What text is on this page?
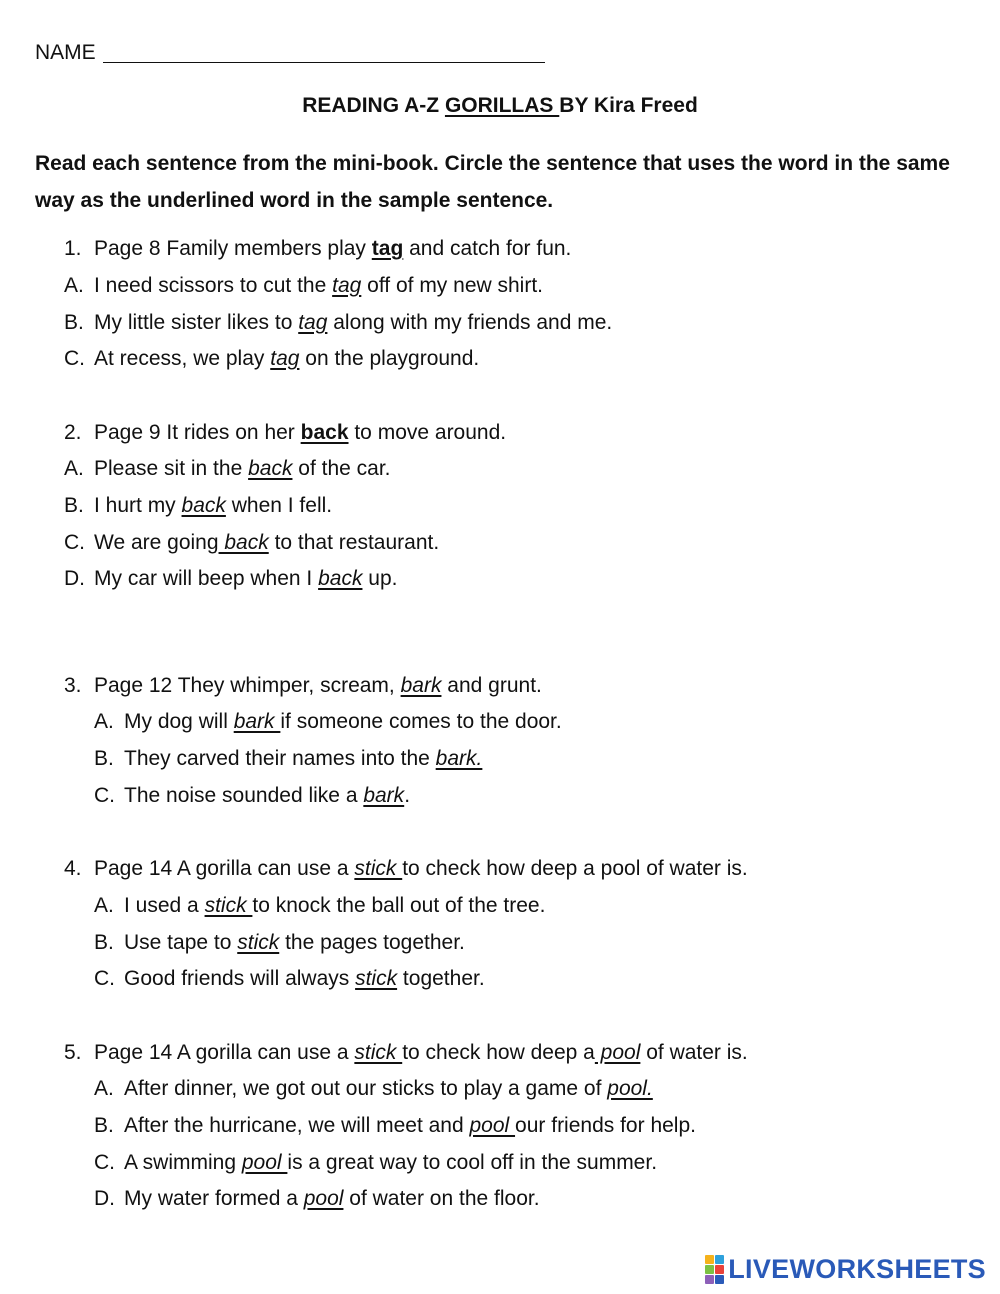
NAME
READING A-Z GORILLAS BY Kira Freed
Read each sentence from the mini-book. Circle the sentence that uses the word in the same way as the underlined word in the sample sentence.
1. Page 8 Family members play tag and catch for fun.
A. I need scissors to cut the tag off of my new shirt.
B. My little sister likes to tag along with my friends and me.
C. At recess, we play tag on the playground.
2. Page 9 It rides on her back to move around.
A. Please sit in the back of the car.
B. I hurt my back when I fell.
C. We are going back to that restaurant.
D. My car will beep when I back up.
3. Page 12 They whimper, scream, bark and grunt.
A. My dog will bark if someone comes to the door.
B. They carved their names into the bark.
C. The noise sounded like a bark.
4. Page 14 A gorilla can use a stick to check how deep a pool of water is.
A. I used a stick to knock the ball out of the tree.
B. Use tape to stick the pages together.
C. Good friends will always stick together.
5. Page 14 A gorilla can use a stick to check how deep a pool of water is.
A. After dinner, we got out our sticks to play a game of pool.
B. After the hurricane, we will meet and pool our friends for help.
C. A swimming pool is a great way to cool off in the summer.
D. My water formed a pool of water on the floor.
LIVEWORKSHEETS
